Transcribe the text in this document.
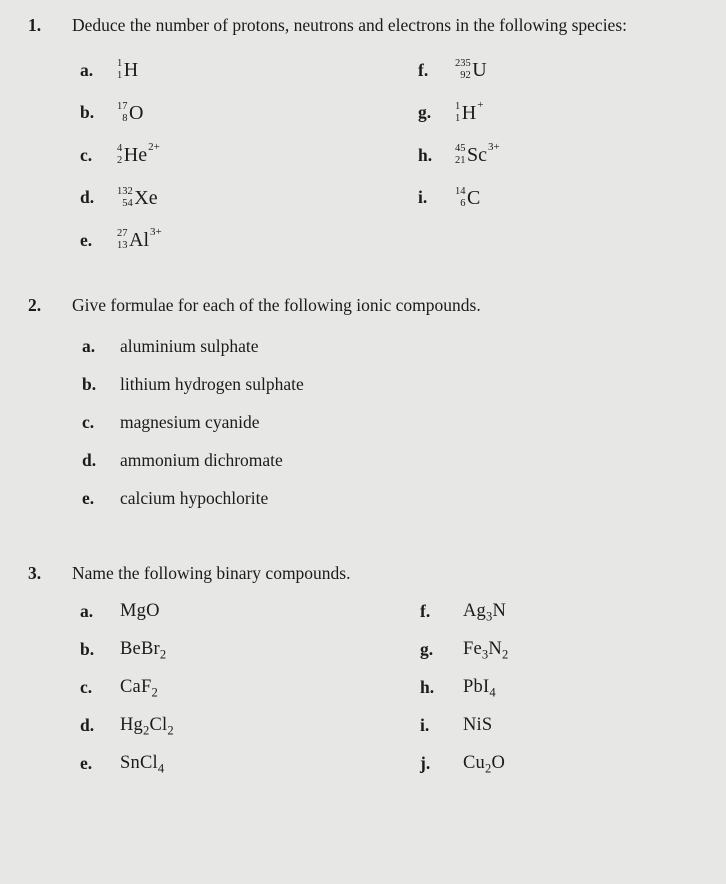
1.	Deduce the number of protons, neutrons and electrons in the following species:
a.	1
1 H
b.	17
8 O
c.	4
2 He 2+
d.	132
54 Xe
e.	27
13 Al 3+
f.	235
92 U
g.	1
1 H +
h.	45
21 Sc 3+
i.	14
6 C
2.	Give formulae for each of the following ionic compounds.
a.	aluminium sulphate
b.	lithium hydrogen sulphate
c.	magnesium cyanide
d.	ammonium dichromate
e.	calcium hypochlorite
3.	Name the following binary compounds.
a.	MgO
b.	BeBr$_2$
c.	CaF$_2$
d.	$Hg_2Cl_2$
e.	SnCl$_4$
f.	$Ag_3N$
g.	$Fe_3N_2$
h.	PbI$_4$
i.	NiS
j.	$Cu_2O$
